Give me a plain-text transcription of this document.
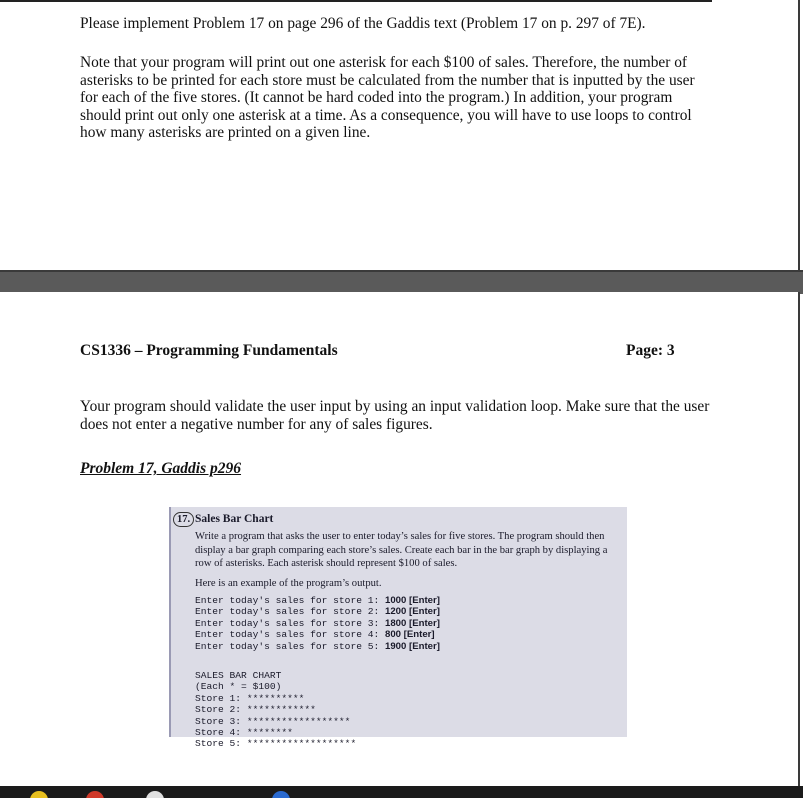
Please implement Problem 17 on page 296 of the Gaddis text (Problem 17 on p. 297 of 7E).

Note that your program will print out one asterisk for each $100 of sales. Therefore, the number of asterisks to be printed for each store must be calculated from the number that is inputted by the user for each of the five stores. (It cannot be hard coded into the program.) In addition, your program should print out only one asterisk at a time. As a consequence, you will have to use loops to control how many asterisks are printed on a given line.

CS1336 – Programming Fundamentals	Page: 3

Your program should validate the user input by using an input validation loop. Make sure that the user does not enter a negative number for any of sales figures.

Problem 17, Gaddis p296
17. Sales Bar Chart

Write a program that asks the user to enter today’s sales for five stores. The program should then display a bar graph comparing each store’s sales. Create each bar in the bar graph by displaying a row of asterisks. Each asterisk should represent $100 of sales.

Here is an example of the program’s output.
Enter today's sales for store 1: 1000 [Enter]
Enter today's sales for store 2: 1200 [Enter]
Enter today's sales for store 3: 1800 [Enter]
Enter today's sales for store 4: 800 [Enter]
Enter today's sales for store 5: 1900 [Enter]
SALES BAR CHART
(Each * = $100)
Store 1: **********
Store 2: ************
Store 3: ******************
Store 4: ********
Store 5: *******************
